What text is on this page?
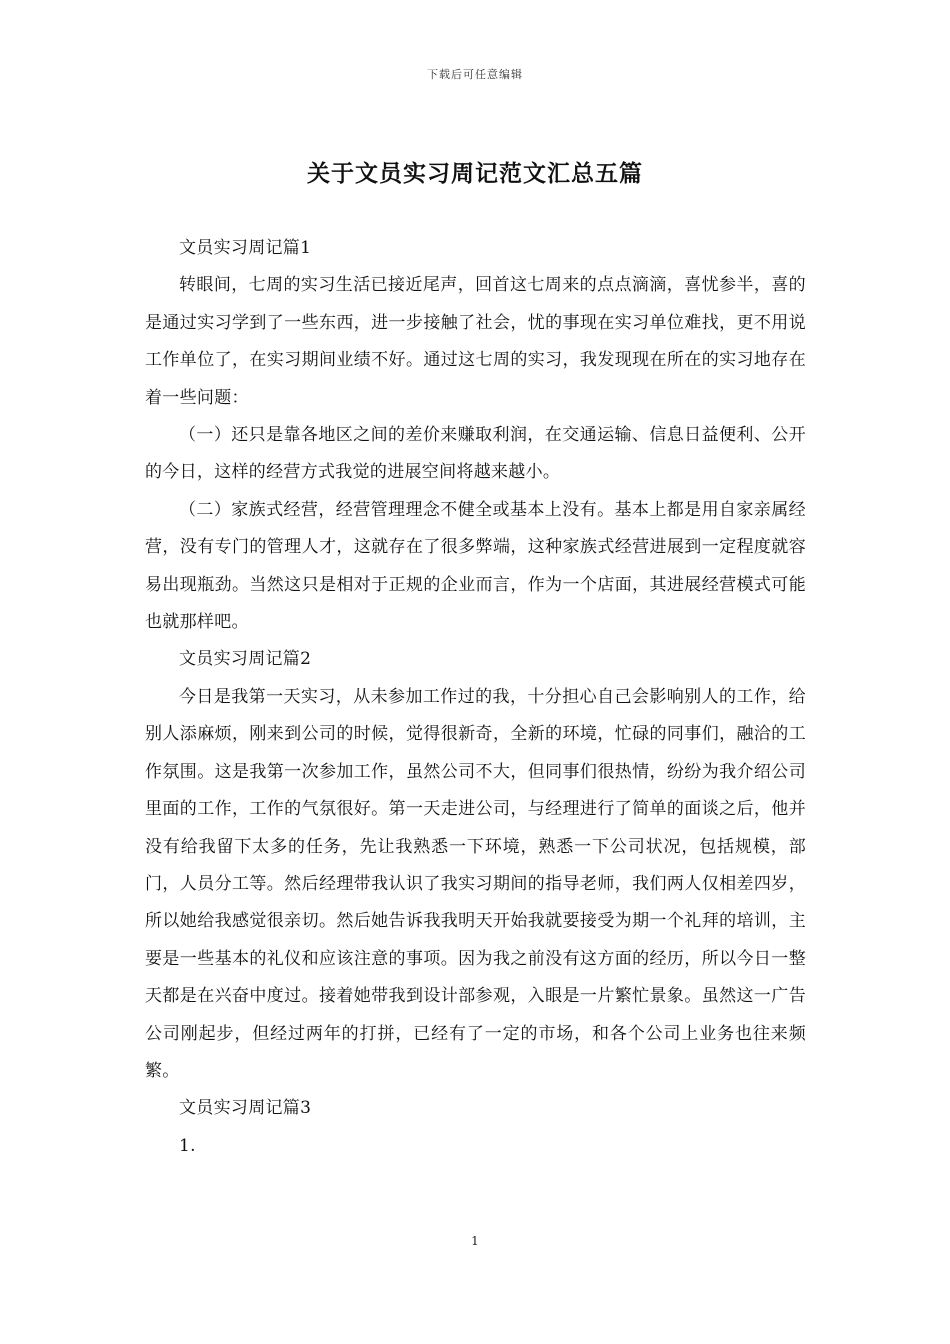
下载后可任意编辑
关于文员实习周记范文汇总五篇

文员实习周记篇1

转眼间，七周的实习生活已接近尾声，回首这七周来的点点滴滴，喜忧参半，喜的是通过实习学到了一些东西，进一步接触了社会，忧的事现在实习单位难找，更不用说工作单位了，在实习期间业绩不好。通过这七周的实习，我发现现在所在的实习地存在着一些问题：

（一）还只是靠各地区之间的差价来赚取利润，在交通运输、信息日益便利、公开的今日，这样的经营方式我觉的进展空间将越来越小。

（二）家族式经营，经营管理理念不健全或基本上没有。基本上都是用自家亲属经营，没有专门的管理人才，这就存在了很多弊端，这种家族式经营进展到一定程度就容易出现瓶劲。当然这只是相对于正规的企业而言，作为一个店面，其进展经营模式可能也就那样吧。

文员实习周记篇2

今日是我第一天实习，从未参加工作过的我，十分担心自己会影响别人的工作，给别人添麻烦，刚来到公司的时候，觉得很新奇，全新的环境，忙碌的同事们，融洽的工作氛围。这是我第一次参加工作，虽然公司不大，但同事们很热情，纷纷为我介绍公司里面的工作，工作的气氛很好。第一天走进公司，与经理进行了简单的面谈之后，他并没有给我留下太多的任务，先让我熟悉一下环境，熟悉一下公司状况，包括规模，部门，人员分工等。然后经理带我认识了我实习期间的指导老师，我们两人仅相差四岁，所以她给我感觉很亲切。然后她告诉我我明天开始我就要接受为期一个礼拜的培训，主要是一些基本的礼仪和应该注意的事项。因为我之前没有这方面的经历，所以今日一整天都是在兴奋中度过。接着她带我到设计部参观，入眼是一片繁忙景象。虽然这一广告公司刚起步，但经过两年的打拼，已经有了一定的市场，和各个公司上业务也往来频繁。

文员实习周记篇3

1.

1
